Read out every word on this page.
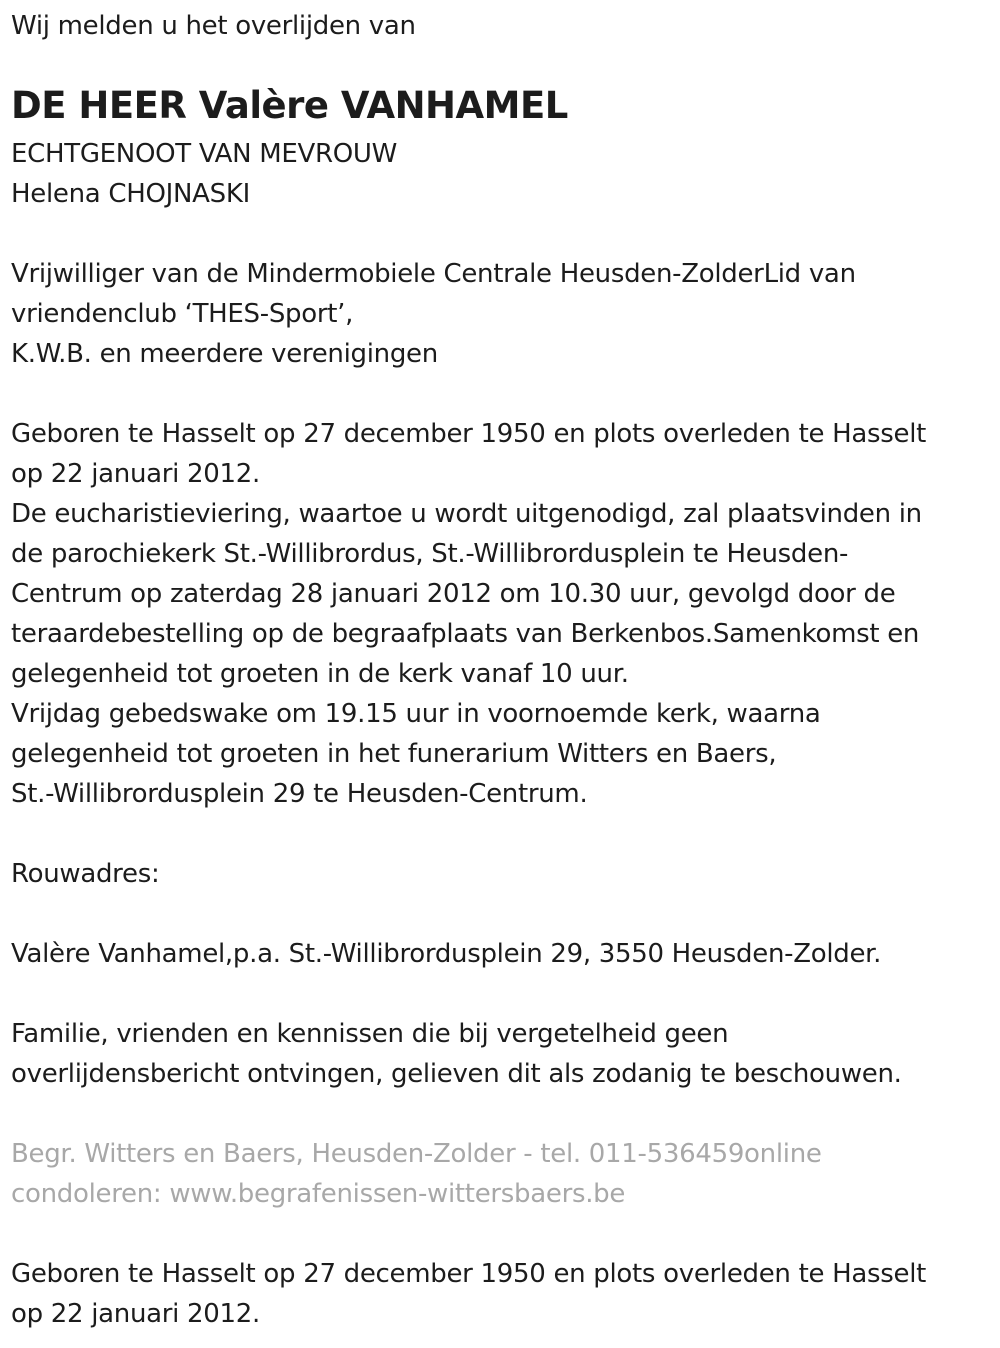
Wij melden u het overlijden van
DE HEER Valère VANHAMEL
ECHTGENOOT VAN MEVROUW
Helena CHOJNASKI
Vrijwilliger van de Mindermobiele Centrale Heusden-ZolderLid van
vriendenclub ‘THES-Sport’,
K.W.B. en meerdere verenigingen
Geboren te Hasselt op 27 december 1950 en plots overleden te Hasselt
op 22 januari 2012.
De eucharistieviering, waartoe u wordt uitgenodigd, zal plaatsvinden in
de parochiekerk St.-Willibrordus, St.-Willibrordusplein te Heusden-
Centrum op zaterdag 28 januari 2012 om 10.30 uur, gevolgd door de
teraardebestelling op de begraafplaats van Berkenbos.Samenkomst en
gelegenheid tot groeten in de kerk vanaf 10 uur.
Vrijdag gebedswake om 19.15 uur in voornoemde kerk, waarna
gelegenheid tot groeten in het funerarium Witters en Baers,
St.-Willibrordusplein 29 te Heusden-Centrum.
Rouwadres:
Valère Vanhamel,p.a. St.-Willibrordusplein 29, 3550 Heusden-Zolder.
Familie, vrienden en kennissen die bij vergetelheid geen
overlijdensbericht ontvingen, gelieven dit als zodanig te beschouwen.
Begr. Witters en Baers, Heusden-Zolder - tel. 011-536459online
condoleren: www.begrafenissen-wittersbaers.be
Geboren te Hasselt op 27 december 1950 en plots overleden te Hasselt
op 22 januari 2012.
